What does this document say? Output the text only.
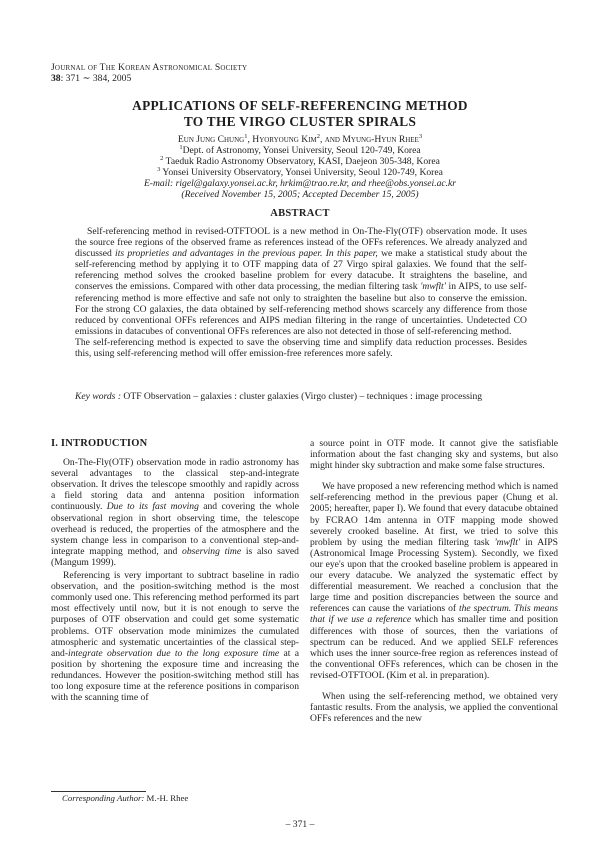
Journal of The Korean Astronomical Society
38: 371 ∼ 384, 2005
APPLICATIONS OF SELF-REFERENCING METHOD
TO THE VIRGO CLUSTER SPIRALS
Eun Jung Chung$^1$, Hyoryoung Kim$^2$, and Myung-Hyun Rhee$^3$
$^1$Dept. of Astronomy, Yonsei University, Seoul 120-749, Korea
$^2$ Taeduk Radio Astronomy Observatory, KASI, Daejeon 305-348, Korea
$^3$ Yonsei University Observatory, Yonsei University, Seoul 120-749, Korea
E-mail: rigel@galaxy.yonsei.ac.kr, hrkim@trao.re.kr, and rhee@obs.yonsei.ac.kr
(Received November 15, 2005; Accepted December 15, 2005)
ABSTRACT

Self-referencing method in revised-OTFTOOL is a new method in On-The-Fly(OTF) observation mode. It uses the source free regions of the observed frame as references instead of the OFFs references. We already analyzed and discussed its proprieties and advantages in the previous paper. In this paper, we make a statistical study about the self-referencing method by applying it to OTF mapping data of 27 Virgo spiral galaxies. We found that the self-referencing method solves the crooked baseline problem for every datacube. It straightens the baseline, and conserves the emissions. Compared with other data processing, the median filtering task 'mwflt' in AIPS, to use self-referencing method is more effective and safe not only to straighten the baseline but also to conserve the emission. For the strong CO galaxies, the data obtained by self-referencing method shows scarcely any difference from those reduced by conventional OFFs references and AIPS median filtering in the range of uncertainties. Undetected CO emissions in datacubes of conventional OFFs references are also not detected in those of self-referencing method.

The self-referencing method is expected to save the observing time and simplify data reduction processes. Besides this, using self-referencing method will offer emission-free references more safely.

Key words : OTF Observation – galaxies : cluster galaxies (Virgo cluster) – techniques : image processing
I. INTRODUCTION

On-The-Fly(OTF) observation mode in radio astronomy has several advantages to the classical step-and-integrate observation. It drives the telescope smoothly and rapidly across a field storing data and antenna position information continuously. Due to its fast moving and covering the whole observational region in short observing time, the telescope overhead is reduced, the properties of the atmosphere and the system change less in comparison to a conventional step-and-integrate mapping method, and observing time is also saved (Mangum 1999).

Referencing is very important to subtract baseline in radio observation, and the position-switching method is the most commonly used one. This referencing method performed its part most effectively until now, but it is not enough to serve the purposes of OTF observation and could get some systematic problems. OTF observation mode minimizes the cumulated atmospheric and systematic uncertainties of the classical step-and-integrate observation due to the long exposure time at a position by shortening the exposure time and increasing the redundances. However the position-switching method still has too long exposure time at the reference positions in comparison with the scanning time of

a source point in OTF mode. It cannot give the satisfiable information about the fast changing sky and systems, but also might hinder sky subtraction and make some false structures.

We have proposed a new referencing method which is named self-referencing method in the previous paper (Chung et al. 2005; hereafter, paper I). We found that every datacube obtained by FCRAO 14m antenna in OTF mapping mode showed severely crooked baseline. At first, we tried to solve this problem by using the median filtering task 'mwflt' in AIPS (Astronomical Image Processing System). Secondly, we fixed our eye's upon that the crooked baseline problem is appeared in our every datacube. We analyzed the systematic effect by differential measurement. We reached a conclusion that the large time and position discrepancies between the source and references can cause the variations of the spectrum. This means that if we use a reference which has smaller time and position differences with those of sources, then the variations of spectrum can be reduced. And we applied SELF references which uses the inner source-free region as references instead of the conventional OFFs references, which can be chosen in the revised-OTFTOOL (Kim et al. in preparation).

When using the self-referencing method, we obtained very fantastic results. From the analysis, we applied the conventional OFFs references and the new

Corresponding Author: M.-H. Rhee
– 371 –
